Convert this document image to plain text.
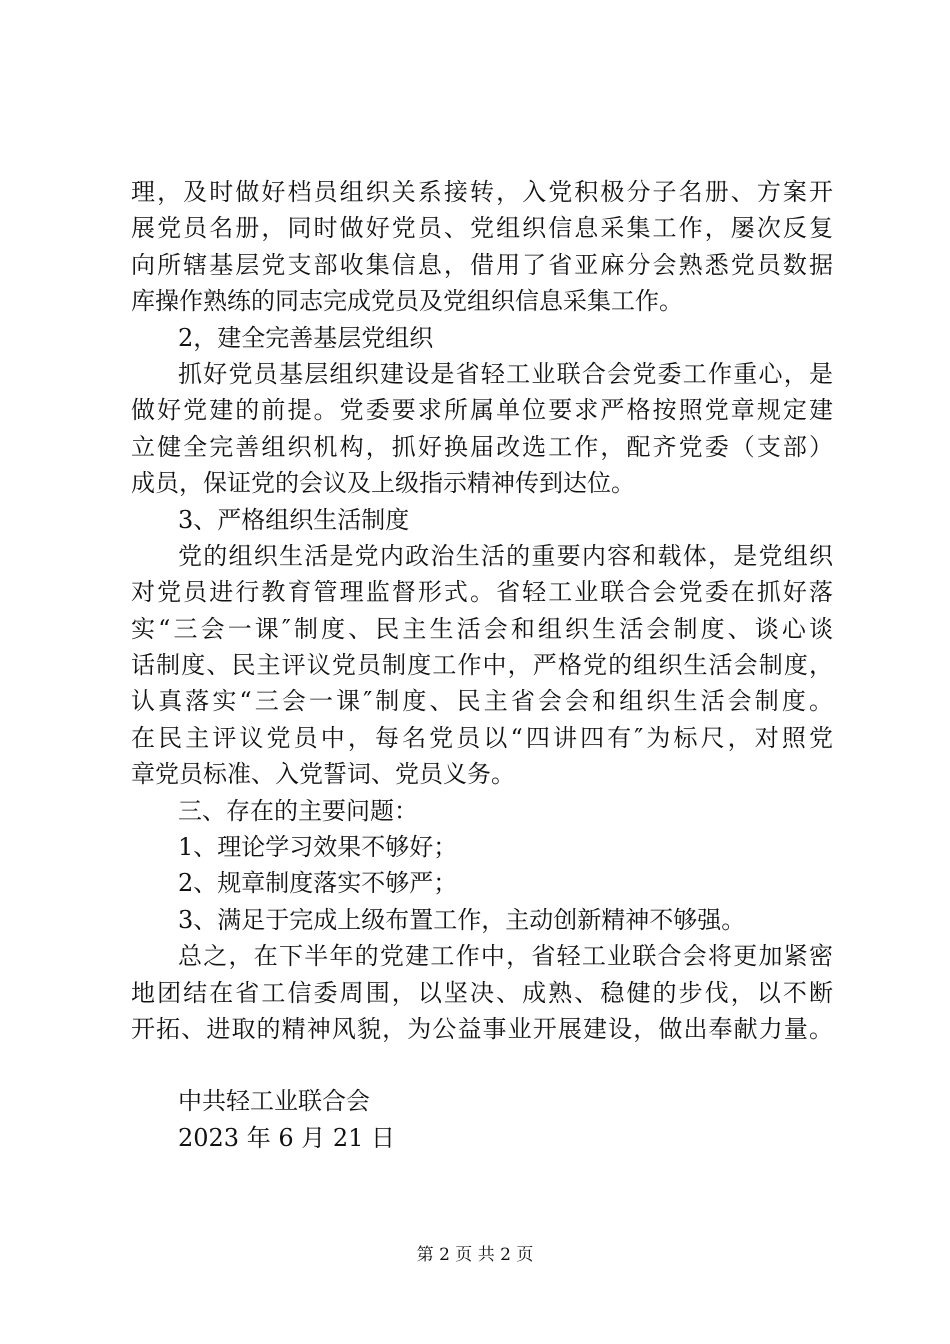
理，及时做好档员组织关系接转，入党积极分子名册、方案开
展党员名册，同时做好党员、党组织信息采集工作，屡次反复
向所辖基层党支部收集信息，借用了省亚麻分会熟悉党员数据
库操作熟练的同志完成党员及党组织信息采集工作。
2，建全完善基层党组织
抓好党员基层组织建设是省轻工业联合会党委工作重心，是
做好党建的前提。党委要求所属单位要求严格按照党章规定建
立健全完善组织机构，抓好换届改选工作，配齐党委（支部）
成员，保证党的会议及上级指示精神传到达位。
3、严格组织生活制度
党的组织生活是党内政治生活的重要内容和载体，是党组织
对党员进行教育管理监督形式。省轻工业联合会党委在抓好落
实“三会一课″制度、民主生活会和组织生活会制度、谈心谈
话制度、民主评议党员制度工作中，严格党的组织生活会制度，
认真落实“三会一课″制度、民主省会会和组织生活会制度。
在民主评议党员中，每名党员以“四讲四有″为标尺，对照党
章党员标准、入党誓词、党员义务。
三、存在的主要问题：
1、理论学习效果不够好；
2、规章制度落实不够严；
3、满足于完成上级布置工作，主动创新精神不够强。
总之，在下半年的党建工作中，省轻工业联合会将更加紧密
地团结在省工信委周围，以坚决、成熟、稳健的步伐，以不断
开拓、进取的精神风貌，为公益事业开展建设，做出奉献力量。
中共轻工业联合会
2023 年 6 月 21 日
第 2 页 共 2 页
